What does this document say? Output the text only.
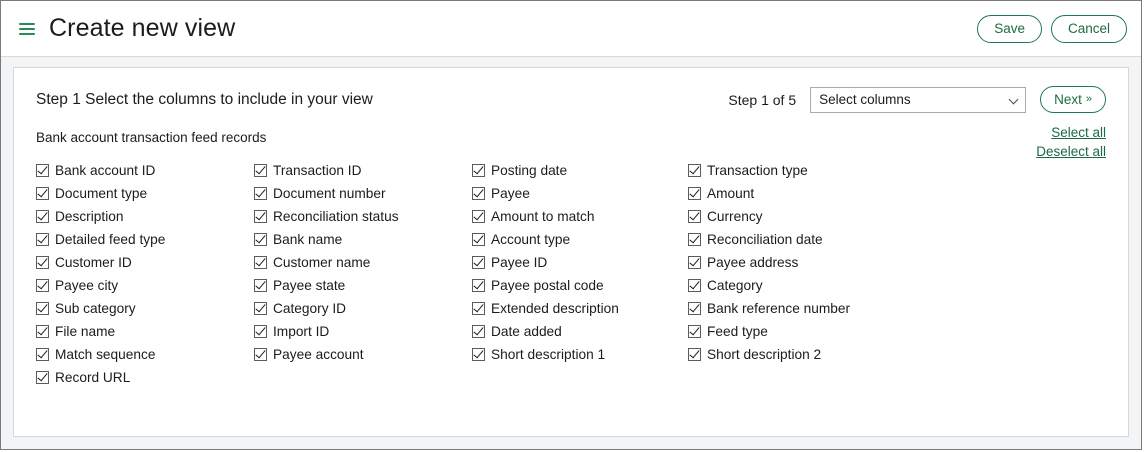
Create new view	Save	Cancel
Step 1 Select the columns to include in your view	Step 1 of 5	Select columns	Next »
Select all
Deselect all
Bank account transaction feed records
Bank account ID	Transaction ID	Posting date	Transaction type
Document type	Document number	Payee	Amount
Description	Reconciliation status	Amount to match	Currency
Detailed feed type	Bank name	Account type	Reconciliation date
Customer ID	Customer name	Payee ID	Payee address
Payee city	Payee state	Payee postal code	Category
Sub category	Category ID	Extended description	Bank reference number
File name	Import ID	Date added	Feed type
Match sequence	Payee account	Short description 1	Short description 2
Record URL
